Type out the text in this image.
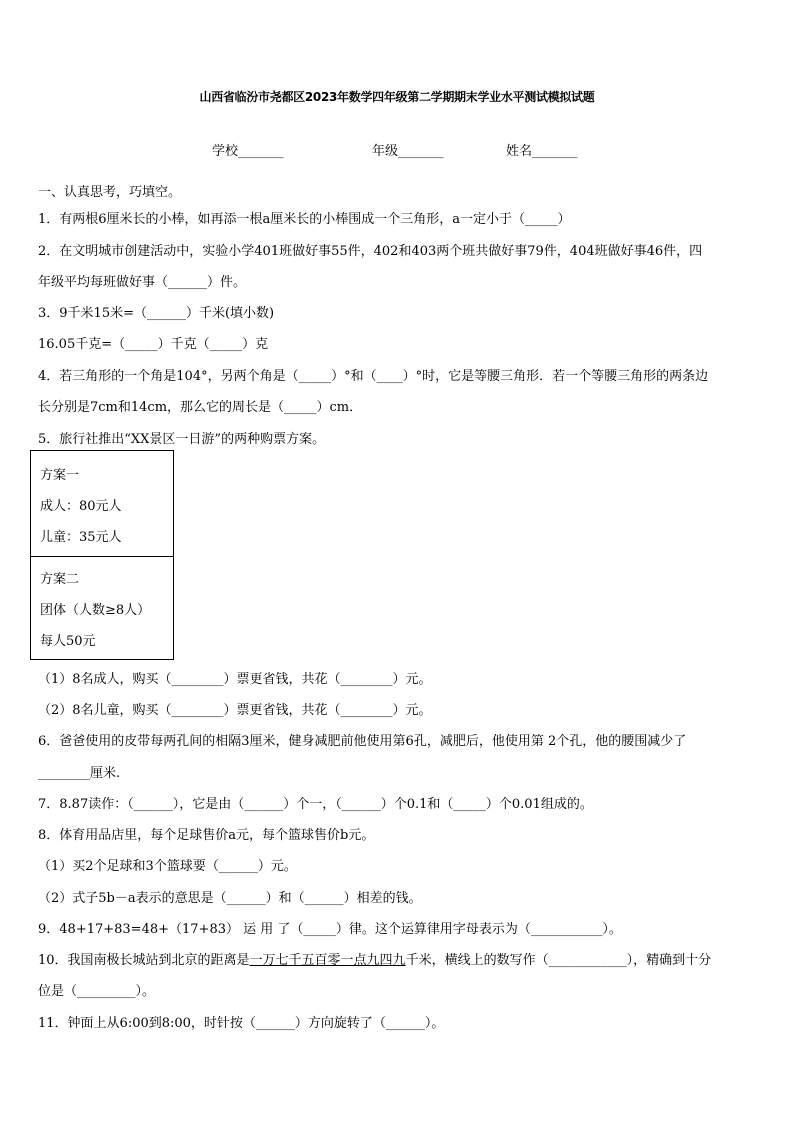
山西省临汾市尧都区2023年数学四年级第二学期期末学业水平测试模拟试题
学校_______	年级_______	姓名_______
一、认真思考，巧填空。
1．有两根6厘米长的小棒，如再添一根a厘米长的小棒围成一个三角形，a一定小于（_____）
2．在文明城市创建活动中，实验小学401班做好事55件，402和403两个班共做好事79件，404班做好事46件，四
年级平均每班做好事（______）件。
3．9千米15米=（______）千米(填小数)
16.05千克=（_____）千克（_____）克
4．若三角形的一个角是104°，另两个角是（_____）°和（____）°时，它是等腰三角形．若一个等腰三角形的两条边
长分别是7cm和14cm，那么它的周长是（_____）cm．
5．旅行社推出“XX景区一日游”的两种购票方案。
方案一
成人：80元人
儿童：35元人
方案二
团体（人数≥8人）
每人50元
（1）8名成人，购买（________）票更省钱，共花（________）元。
（2）8名儿童，购买（________）票更省钱，共花（________）元。
6．爸爸使用的皮带每两孔间的相隔3厘米，健身减肥前他使用第6孔，减肥后，他使用第 2个孔，他的腰围减少了
________厘米.
7．8.87读作：（______），它是由（______）个一，（______）个0.1和（_____）个0.01组成的。
8．体育用品店里，每个足球售价a元，每个篮球售价b元。
（1）买2个足球和3个篮球要（______）元。
（2）式子5b－a表示的意思是（______）和（______）相差的钱。
9．48+17+83=48+（17+83） 运 用 了（_____）律。这个运算律用字母表示为（___________）。
10．我国南极长城站到北京的距离是一万七千五百零一点九四九千米，横线上的数写作（____________），精确到十分
位是（_________）。
11．钟面上从6:00到8:00，时针按（______）方向旋转了（______）。
